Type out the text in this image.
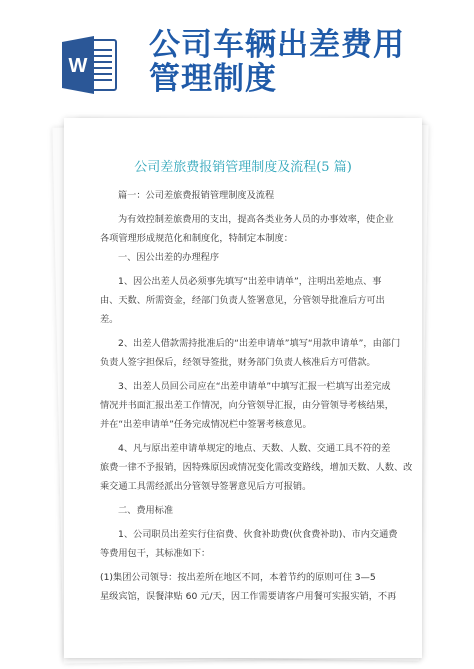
W
公司车辆出差费用
管理制度
公司差旅费报销管理制度及流程(5 篇)
篇一：公司差旅费报销管理制度及流程
为有效控制差旅费用的支出，提高各类业务人员的办事效率，使企业
各项管理形成规范化和制度化，特制定本制度：
一、因公出差的办理程序
1、因公出差人员必须事先填写“出差申请单”，注明出差地点、事
由、天数、所需资金，经部门负责人签署意见，分管领导批准后方可出
差。
2、出差人借款需持批准后的“出差申请单”填写“用款申请单”，由部门
负责人签字担保后，经领导签批，财务部门负责人核准后方可借款。
3、出差人员回公司应在“出差申请单”中填写汇报一栏填写出差完成
情况并书面汇报出差工作情况，向分管领导汇报，由分管领导考核结果，
并在“出差申请单”任务完成情况栏中签署考核意见。
4、凡与原出差申请单规定的地点、天数、人数、交通工具不符的差
旅费一律不予报销，因特殊原因或情况变化需改变路线，增加天数、人数、改
乘交通工具需经派出分管领导签署意见后方可报销。
二、费用标准
1、公司职员出差实行住宿费、伙食补助费(伙食费补助)、市内交通费
等费用包干，其标准如下：
(1)集团公司领导：按出差所在地区不同，本着节约的原则可住 3—5
星级宾馆，误餐津贴 60 元/天，因工作需要请客户用餐可实报实销，不再
